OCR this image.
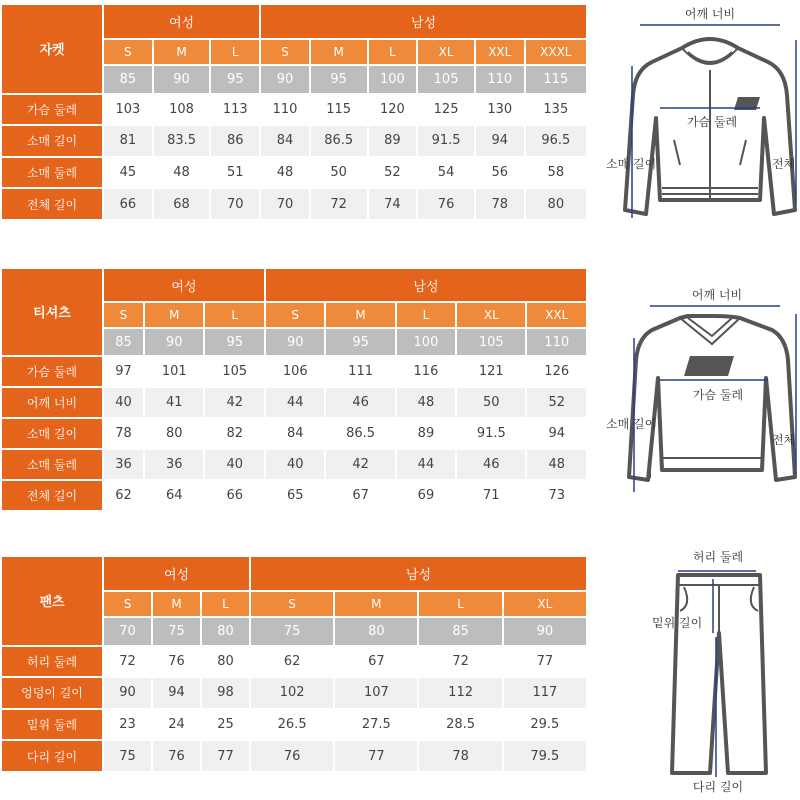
자켓	여성			남성					
	S	M	L	S	M	L	XL	XXL	XXXL
	85	90	95	90	95	100	105	110	115
가슴 둘레	103	108	113	110	115	120	125	130	135
소매 길이	81	83.5	86	84	86.5	89	91.5	94	96.5
소매 둘레	45	48	51	48	50	52	54	56	58
전체 길이	66	68	70	70	72	74	76	78	80
티셔츠	여성			남성				
	S	M	L	S	M	L	XL	XXL
	85	90	95	90	95	100	105	110
가슴 둘레	97	101	105	106	111	116	121	126
어깨 너비	40	41	42	44	46	48	50	52
소매 길이	78	80	82	84	86.5	89	91.5	94
소매 둘레	36	36	40	40	42	44	46	48
전체 길이	62	64	66	65	67	69	71	73
팬츠	여성			남성			
	S	M	L	S	M	L	XL
	70	75	80	75	80	85	90
허리 둘레	72	76	80	62	67	72	77
엉덩이 길이	90	94	98	102	107	112	117
밑위 둘레	23	24	25	26.5	27.5	28.5	29.5
다리 길이	75	76	77	76	77	78	79.5
어깨 너비
가슴 둘레
소매 길이	전체
어깨 너비
가슴 둘레
소매 길이
전체
허리 둘레
밑위 길이
다리 길이
